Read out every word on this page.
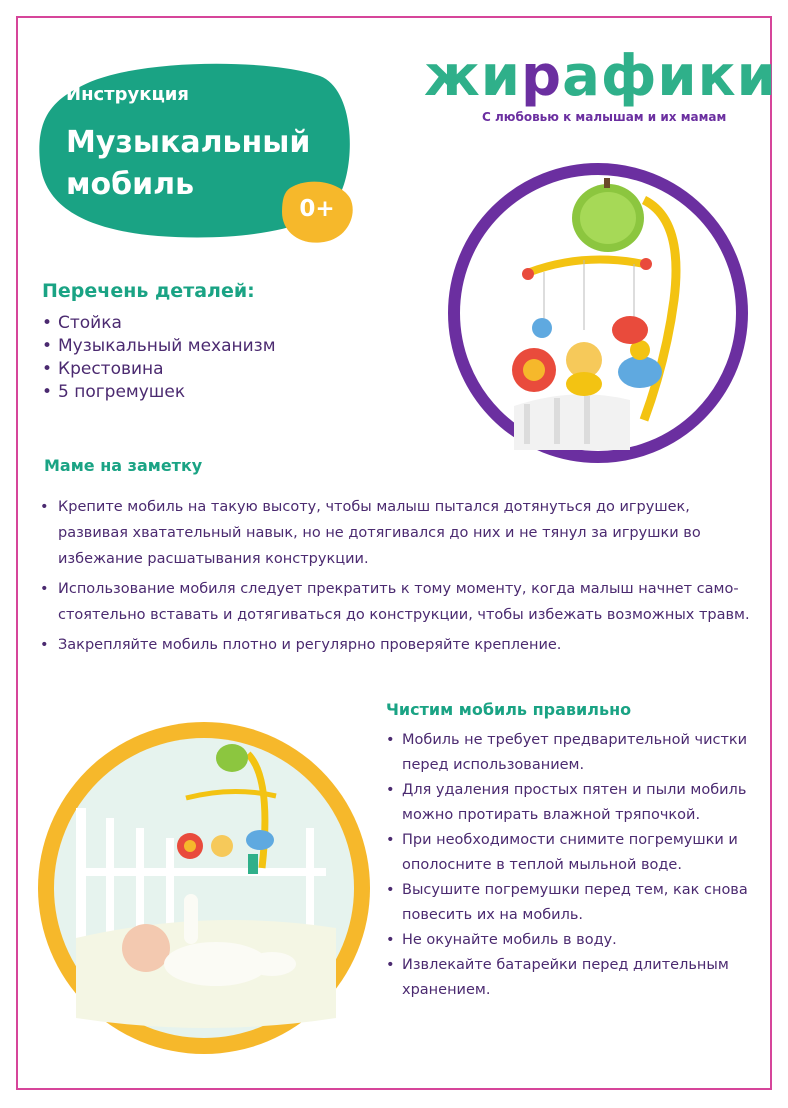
Инструкция
Музыкальный
мобиль
0+
жирафики
С любовью к малышам и их мамам
Перечень деталей:
• Стойка
• Музыкальный механизм
• Крестовина
• 5 погремушек
Маме на заметку
• Крепите мобиль на такую высоту, чтобы малыш пытался дотянуться до игрушек, развивая хватательный навык, но не дотягивался до них и не тянул за игрушки во избежание расшатывания конструкции.
• Использование мобиля следует прекратить к тому моменту, когда малыш начнет само-стоятельно вставать и дотягиваться до конструкции, чтобы избежать возможных травм.
• Закрепляйте мобиль плотно и регулярно проверяйте крепление.
Чистим мобиль правильно
• Мобиль не требует предварительной чистки перед использованием.
• Для удаления простых пятен и пыли мобиль можно протирать влажной тряпочкой.
• При необходимости снимите погремушки и ополосните в теплой мыльной воде.
• Высушите погремушки перед тем, как снова повесить их на мобиль.
• Не окунайте мобиль в воду.
• Извлекайте батарейки перед длительным хранением.
